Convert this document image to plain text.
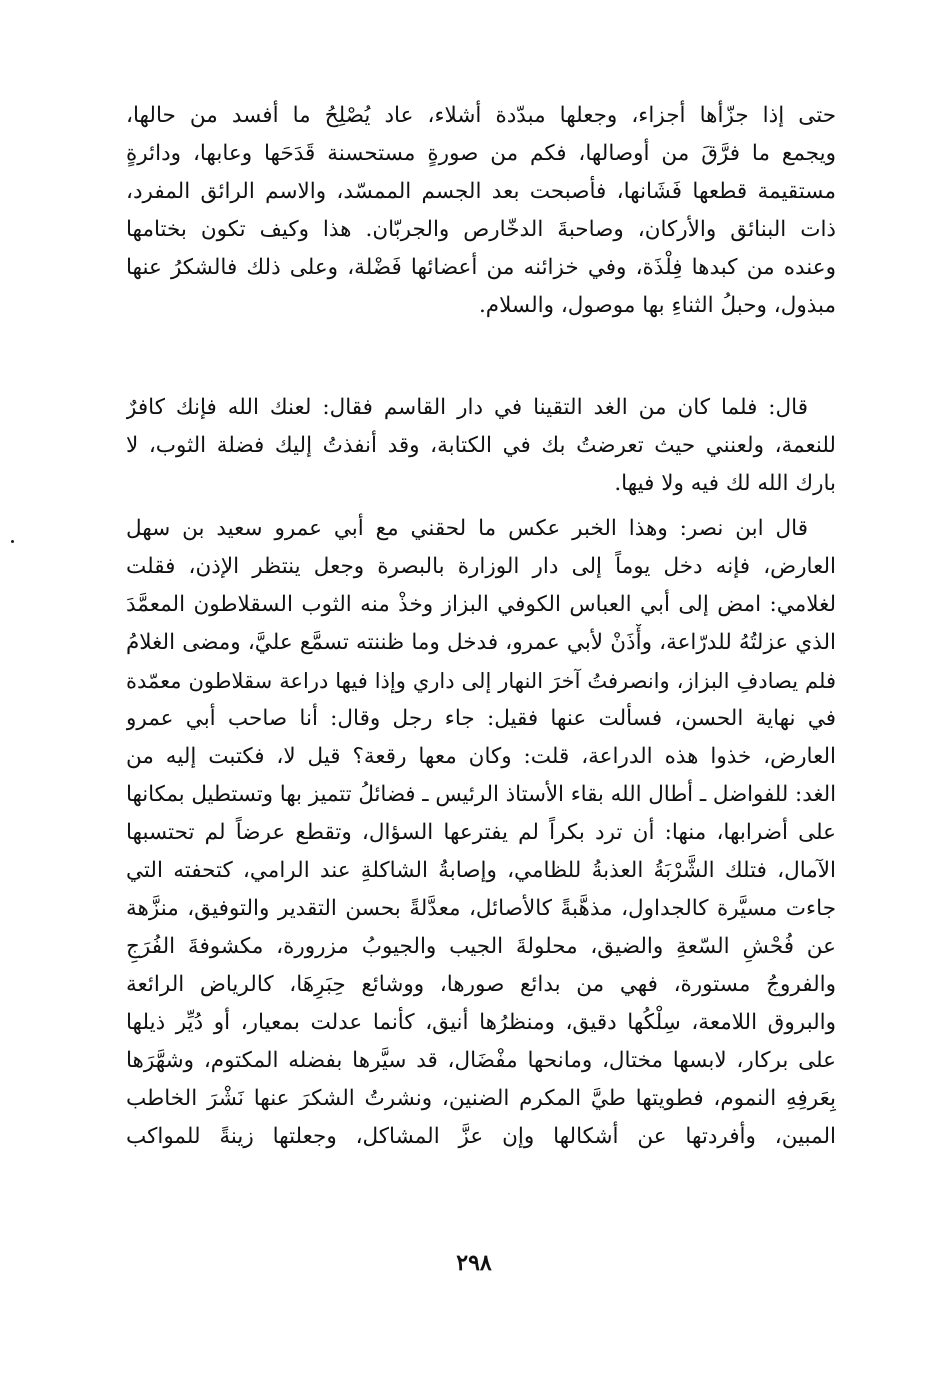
حتى إذا جزّأها أجزاء، وجعلها مبدّدة أشلاء، عاد يُصْلِحُ ما أفسد من حالها،
ويجمع ما فرَّقَ من أوصالها، فكم من صورةٍ مستحسنة قَدَحَها وعابها، ودائرةٍ
مستقيمة قطعها فَشَانها، فأصبحت بعد الجسم الممسّد، والاسم الرائق المفرد،
ذات البنائق والأركان، وصاحبةَ الدخّارص والجربّان. هذا وكيف تكون بختامها
وعنده من كبدها فِلْذَة، وفي خزائنه من أعضائها فَضْلة، وعلى ذلك فالشكرُ عنها
مبذول، وحبلُ الثناءِ بها موصول، والسلام.
قال: فلما كان من الغد التقينا في دار القاسم فقال: لعنك الله فإنك كافرٌ
للنعمة، ولعنني حيث تعرضتُ بك في الكتابة، وقد أنفذتُ إليك فضلة الثوب، لا
بارك الله لك فيه ولا فيها.
قال ابن نصر: وهذا الخبر عكس ما لحقني مع أبي عمرو سعيد بن سهل
العارض، فإنه دخل يوماً إلى دار الوزارة بالبصرة وجعل ينتظر الإذن، فقلت
لغلامي: امض إلى أبي العباس الكوفي البزاز وخذْ منه الثوب السقلاطون المعمَّدَ
الذي عزلتُهُ للدرّاعة، وأْذَنْ لأبي عمرو، فدخل وما ظننته تسمَّع عليَّ، ومضى الغلامُ
فلم يصادفِ البزاز، وانصرفتُ آخرَ النهار إلى داري وإذا فيها دراعة سقلاطون معمّدة
في نهاية الحسن، فسألت عنها فقيل: جاء رجل وقال: أنا صاحب أبي عمرو
العارض، خذوا هذه الدراعة، قلت: وكان معها رقعة؟ قيل لا، فكتبت إليه من
الغد: للفواضل ـ أطال الله بقاء الأستاذ الرئيس ـ فضائلُ تتميز بها وتستطيل بمكانها
على أضرابها، منها: أن ترد بكراً لم يفترعها السؤال، وتقطع عرضاً لم تحتسبها
الآمال، فتلك الشَّرْبَةُ العذبةُ للظامي، وإصابةُ الشاكلةِ عند الرامي، كتحفته التي
جاءت مسيَّرة كالجداول، مذهَّبةً كالأصائل، معدَّلةً بحسن التقدير والتوفيق، منزَّهة
عن فُحْشِ السّعةِ والضيق، محلولةَ الجيب والجيوبُ مزرورة، مكشوفةَ الفُرَجِ
والفروجُ مستورة، فهي من بدائع صورها، ووشائع حِبَرِهَا، كالرياض الرائعة
والبروق اللامعة، سِلْكُها دقيق، ومنظرُها أنيق، كأنما عدلت بمعيار، أو دُيِّر ذيلها
على بركار، لابسها مختال، ومانحها مفْضَال، قد سيَّرها بفضله المكتوم، وشهَّرَها
بِعَرفِهِ النموم، فطويتها طيَّ المكرم الضنين، ونشرتُ الشكرَ عنها نَشْرَ الخاطب
المبين، وأفردتها عن أشكالها وإن عزَّ المشاكل، وجعلتها زينةً للمواكب
٢٩٨
